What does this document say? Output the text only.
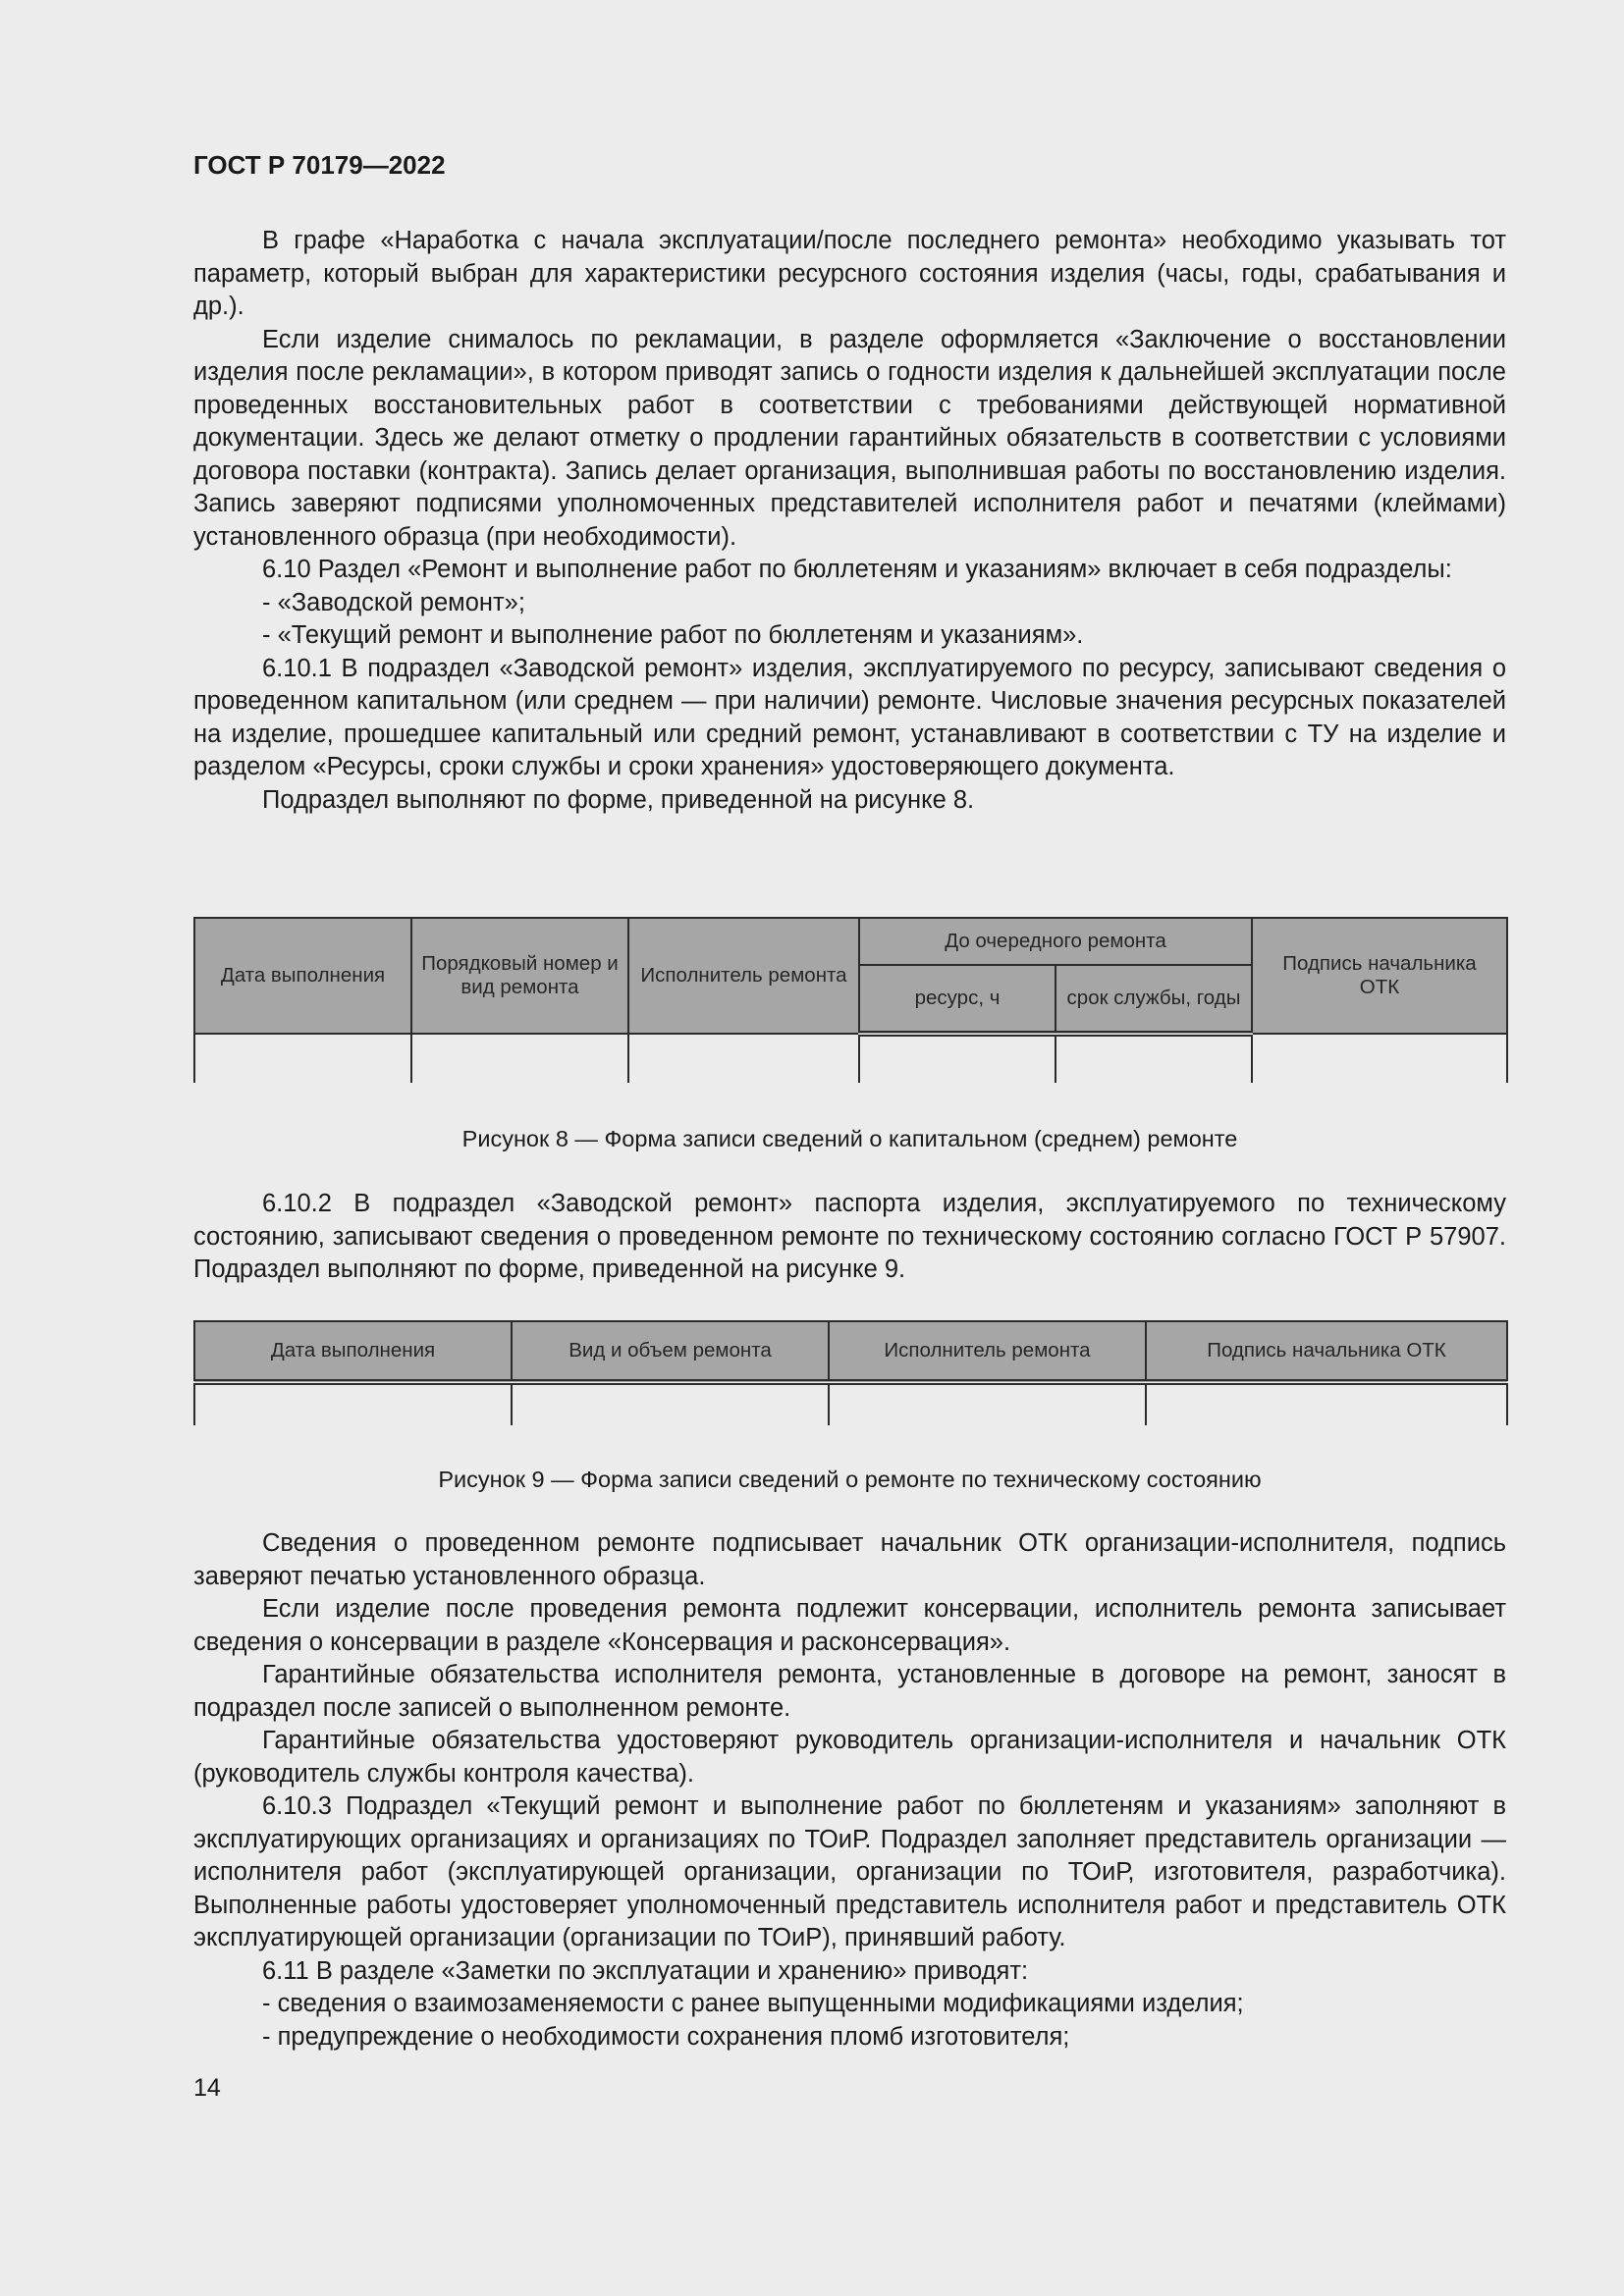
ГОСТ Р 70179—2022

В графе «Наработка с начала эксплуатации/после последнего ремонта» необходимо указывать тот параметр, который выбран для характеристики ресурсного состояния изделия (часы, годы, срабатывания и др.).

Если изделие снималось по рекламации, в разделе оформляется «Заключение о восстановлении изделия после рекламации», в котором приводят запись о годности изделия к дальнейшей эксплуатации после проведенных восстановительных работ в соответствии с требованиями действующей нормативной документации. Здесь же делают отметку о продлении гарантийных обязательств в соответствии с условиями договора поставки (контракта). Запись делает организация, выполнившая работы по восстановлению изделия. Запись заверяют подписями уполномоченных представителей исполнителя работ и печатями (клеймами) установленного образца (при необходимости).

6.10 Раздел «Ремонт и выполнение работ по бюллетеням и указаниям» включает в себя подразделы:

- «Заводской ремонт»;

- «Текущий ремонт и выполнение работ по бюллетеням и указаниям».

6.10.1 В подраздел «Заводской ремонт» изделия, эксплуатируемого по ресурсу, записывают сведения о проведенном капитальном (или среднем — при наличии) ремонте. Числовые значения ресурсных показателей на изделие, прошедшее капитальный или средний ремонт, устанавливают в соответствии с ТУ на изделие и разделом «Ресурсы, сроки службы и сроки хранения» удостоверяющего документа.

Подраздел выполняют по форме, приведенной на рисунке 8.

Дата выполнения	Порядковый номер и вид ремонта	Исполнитель ремонта	До очередного ремонта		Подпись начальника ОТК
			ресурс, ч	срок службы, годы	

Рисунок 8 — Форма записи сведений о капитальном (среднем) ремонте

6.10.2 В подраздел «Заводской ремонт» паспорта изделия, эксплуатируемого по техническому состоянию, записывают сведения о проведенном ремонте по техническому состоянию согласно ГОСТ Р 57907. Подраздел выполняют по форме, приведенной на рисунке 9.

Дата выполнения	Вид и объем ремонта	Исполнитель ремонта	Подпись начальника ОТК

Рисунок 9 — Форма записи сведений о ремонте по техническому состоянию

Сведения о проведенном ремонте подписывает начальник ОТК организации-исполнителя, подпись заверяют печатью установленного образца.

Если изделие после проведения ремонта подлежит консервации, исполнитель ремонта записывает сведения о консервации в разделе «Консервация и расконсервация».

Гарантийные обязательства исполнителя ремонта, установленные в договоре на ремонт, заносят в подраздел после записей о выполненном ремонте.

Гарантийные обязательства удостоверяют руководитель организации-исполнителя и начальник ОТК (руководитель службы контроля качества).

6.10.3 Подраздел «Текущий ремонт и выполнение работ по бюллетеням и указаниям» заполняют в эксплуатирующих организациях и организациях по ТОиР. Подраздел заполняет представитель организации — исполнителя работ (эксплуатирующей организации, организации по ТОиР, изготовителя, разработчика). Выполненные работы удостоверяет уполномоченный представитель исполнителя работ и представитель ОТК эксплуатирующей организации (организации по ТОиР), принявший работу.

6.11 В разделе «Заметки по эксплуатации и хранению» приводят:

- сведения о взаимозаменяемости с ранее выпущенными модификациями изделия;

- предупреждение о необходимости сохранения пломб изготовителя;

14
